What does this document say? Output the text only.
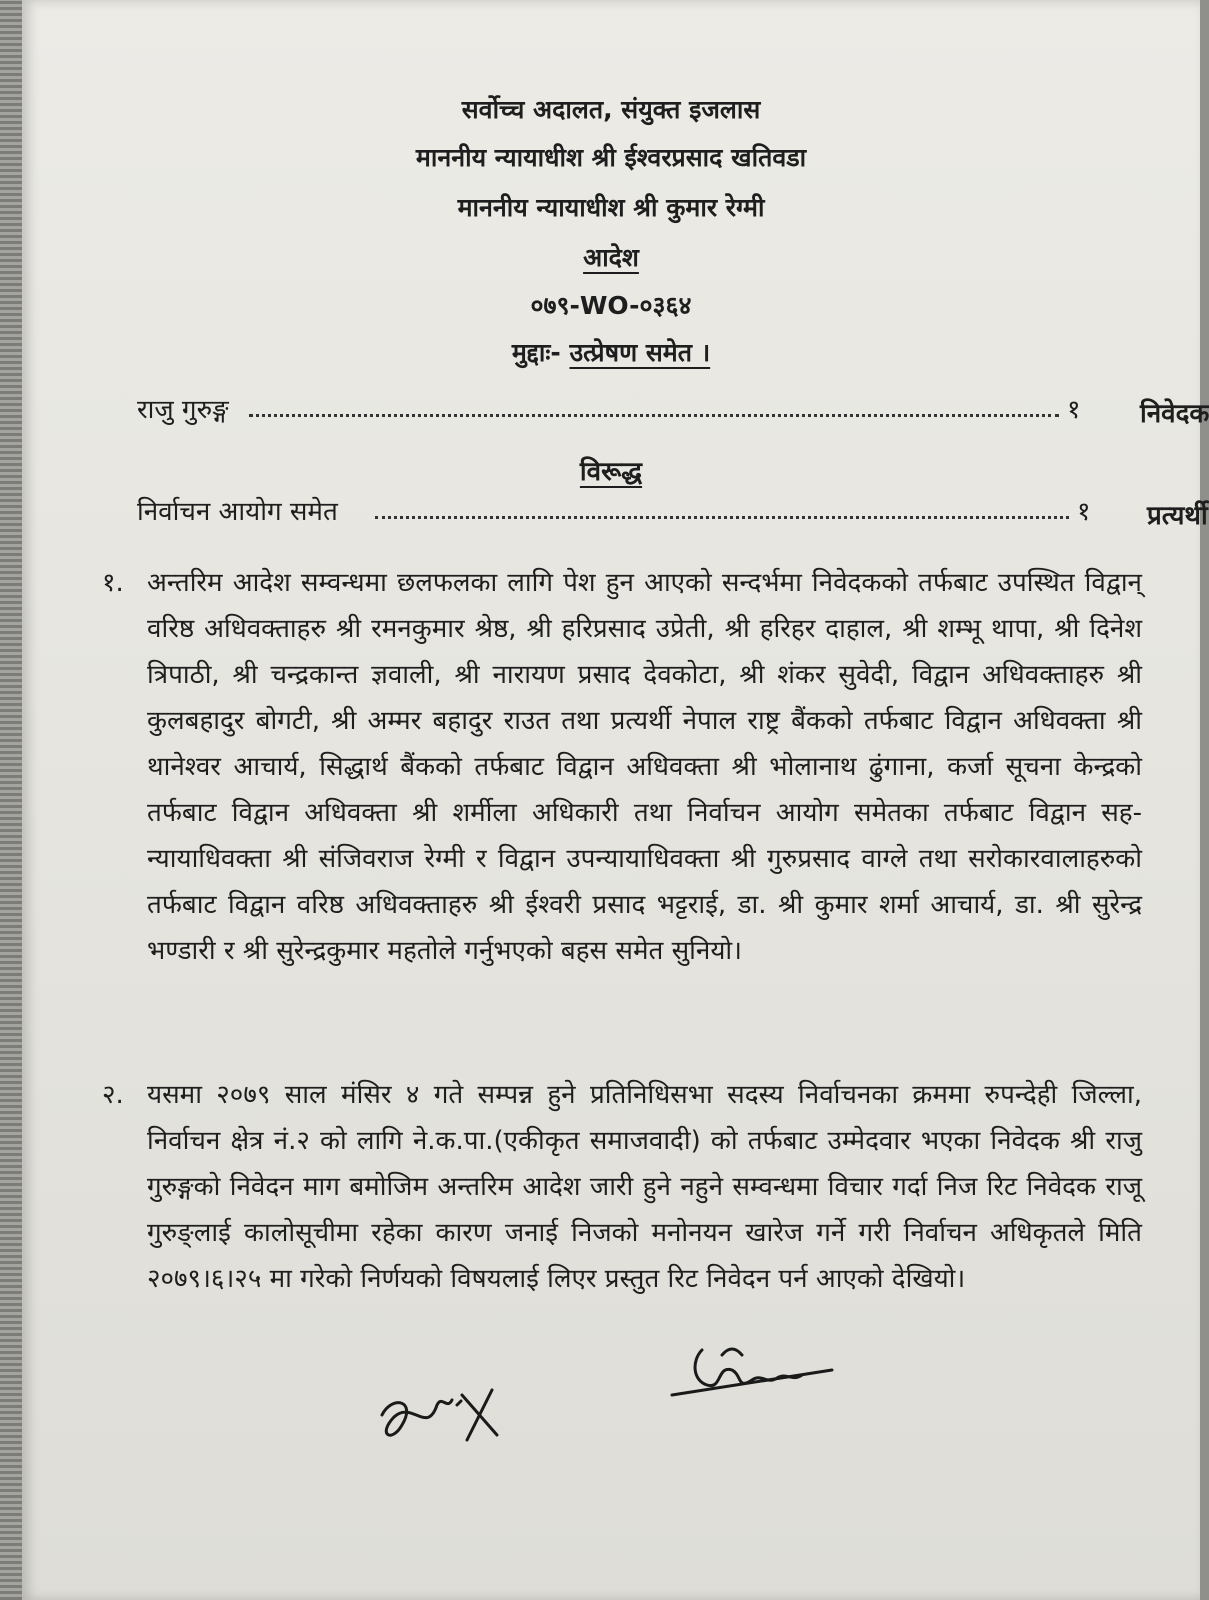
सर्वोच्च अदालत, संयुक्त इजलास
माननीय न्यायाधीश श्री ईश्वरप्रसाद खतिवडा
माननीय न्यायाधीश श्री कुमार रेग्मी
आदेश
०७९-WO-०३६४
मुद्दाः- उत्प्रेषण समेत ।
राजु गुरुङ्ग	१ निवेदक
विरूद्ध
निर्वाचन आयोग समेत	१ प्रत्यर्थी
१. अन्तरिम आदेश सम्वन्धमा छलफलका लागि पेश हुन आएको सन्दर्भमा निवेदकको तर्फबाट उपस्थित विद्वान् वरिष्ठ अधिवक्ताहरु श्री रमनकुमार श्रेष्ठ, श्री हरिप्रसाद उप्रेती, श्री हरिहर दाहाल, श्री शम्भू थापा, श्री दिनेश त्रिपाठी, श्री चन्द्रकान्त ज्ञवाली, श्री नारायण प्रसाद देवकोटा, श्री शंकर सुवेदी, विद्वान अधिवक्ताहरु श्री कुलबहादुर बोगटी, श्री अम्मर बहादुर राउत तथा प्रत्यर्थी नेपाल राष्ट्र बैंकको तर्फबाट विद्वान अधिवक्ता श्री थानेश्वर आचार्य, सिद्धार्थ बैंकको तर्फबाट विद्वान अधिवक्ता श्री भोलानाथ ढुंगाना, कर्जा सूचना केन्द्रको तर्फबाट विद्वान अधिवक्ता श्री शर्मीला अधिकारी तथा निर्वाचन आयोग समेतका तर्फबाट विद्वान सह-न्यायाधिवक्ता श्री संजिवराज रेग्मी र विद्वान उपन्यायाधिवक्ता श्री गुरुप्रसाद वाग्ले तथा सरोकारवालाहरुको तर्फबाट विद्वान वरिष्ठ अधिवक्ताहरु श्री ईश्वरी प्रसाद भट्टराई, डा. श्री कुमार शर्मा आचार्य, डा. श्री सुरेन्द्र भण्डारी र श्री सुरेन्द्रकुमार महतोले गर्नुभएको बहस समेत सुनियो।
२. यसमा २०७९ साल मंसिर ४ गते सम्पन्न हुने प्रतिनिधिसभा सदस्य निर्वाचनका क्रममा रुपन्देही जिल्ला, निर्वाचन क्षेत्र नं.२ को लागि ने.क.पा.(एकीकृत समाजवादी) को तर्फबाट उम्मेदवार भएका निवेदक श्री राजु गुरुङ्गको निवेदन माग बमोजिम अन्तरिम आदेश जारी हुने नहुने सम्वन्धमा विचार गर्दा निज रिट निवेदक राजू गुरुङ्लाई कालोसूचीमा रहेका कारण जनाई निजको मनोनयन खारेज गर्ने गरी निर्वाचन अधिकृतले मिति २०७९।६।२५ मा गरेको निर्णयको विषयलाई लिएर प्रस्तुत रिट निवेदन पर्न आएको देखियो।
